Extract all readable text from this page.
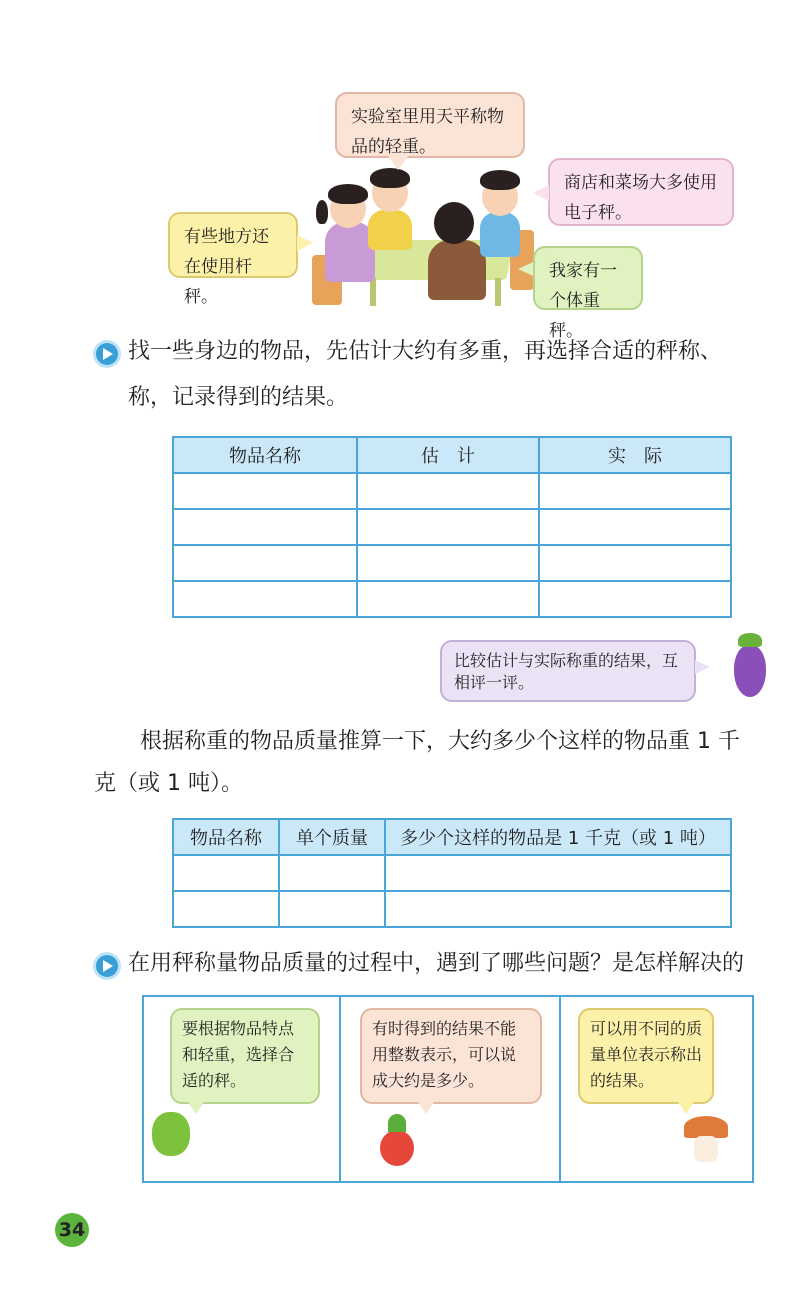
实验室里用天平称物品的轻重。
商店和菜场大多使用电子秤。
有些地方还在使用杆秤。
我家有一个体重秤。
找一些身边的物品，先估计大约有多重，再选择合适的秤称、
称，记录得到的结果。
物品名称	估　计	实　际

比较估计与实际称重的结果，互相评一评。
根据称重的物品质量推算一下，大约多少个这样的物品重 1 千
克（或 1 吨）。
物品名称	单个质量	多少个这样的物品是 1 千克（或 1 吨）

在用秤称量物品质量的过程中，遇到了哪些问题？是怎样解决的
要根据物品特点和轻重，选择合适的秤。
有时得到的结果不能用整数表示，可以说成大约是多少。
可以用不同的质量单位表示称出的结果。
34
